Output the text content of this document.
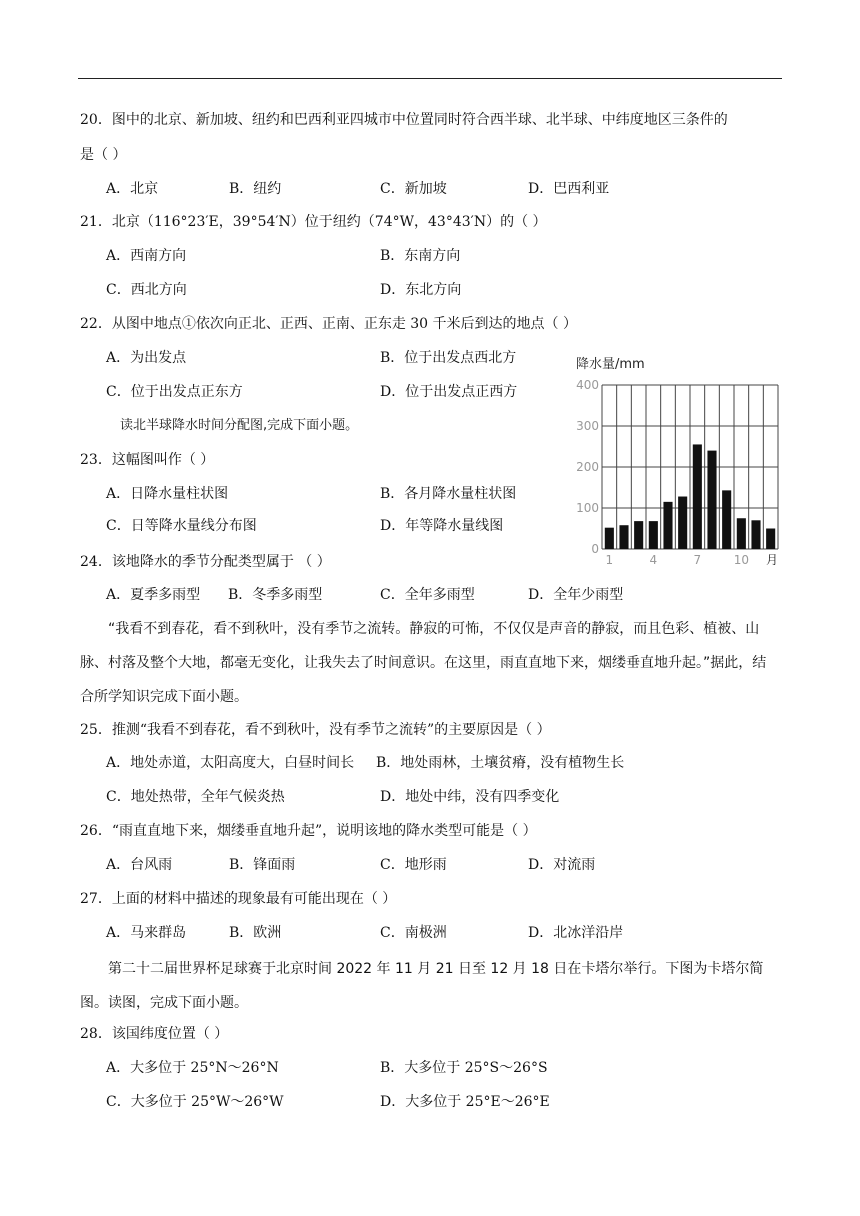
20．图中的北京、新加坡、纽约和巴西利亚四城市中位置同时符合西半球、北半球、中纬度地区三条件的
是（ ）
A．北京	B．纽约	C．新加坡	D．巴西利亚
21．北京（116°23′E，39°54′N）位于纽约（74°W，43°43′N）的（ ）
A．西南方向	B．东南方向
C．西北方向	D．东北方向
22．从图中地点①依次向正北、正西、正南、正东走 30 千米后到达的地点（ ）
A．为出发点	B．位于出发点西北方
C．位于出发点正东方	D．位于出发点正西方
读北半球降水时间分配图,完成下面小题。
23．这幅图叫作（ ）
A．日降水量柱状图	B．各月降水量柱状图
C．日等降水量线分布图	D．年等降水量线图
降水量/mm
月
0
100
200
300
400
1	4	7	10
24．该地降水的季节分配类型属于 （ ）
A．夏季多雨型 B．冬季多雨型	C．全年多雨型	D．全年少雨型
“我看不到春花，看不到秋叶，没有季节之流转。静寂的可怖，不仅仅是声音的静寂，而且色彩、植被、山脉、村落及整个大地，都毫无变化，让我失去了时间意识。在这里，雨直直地下来，烟缕垂直地升起。”据此，结合所学知识完成下面小题。
25．推测“我看不到春花，看不到秋叶，没有季节之流转”的主要原因是（ ）
A．地处赤道，太阳高度大，白昼时间长 B．地处雨林，土壤贫瘠，没有植物生长
C．地处热带，全年气候炎热	D．地处中纬，没有四季变化
26．“雨直直地下来，烟缕垂直地升起”，说明该地的降水类型可能是（ ）
A．台风雨	B．锋面雨	C．地形雨	D．对流雨
27．上面的材料中描述的现象最有可能出现在（ ）
A．马来群岛	B．欧洲	C．南极洲	D．北冰洋沿岸
第二十二届世界杯足球赛于北京时间 2022 年 11 月 21 日至 12 月 18 日在卡塔尔举行。下图为卡塔尔简图。读图，完成下面小题。
28．该国纬度位置（ ）
A．大多位于 25°N～26°N	B．大多位于 25°S～26°S
C．大多位于 25°W～26°W	D．大多位于 25°E～26°E
